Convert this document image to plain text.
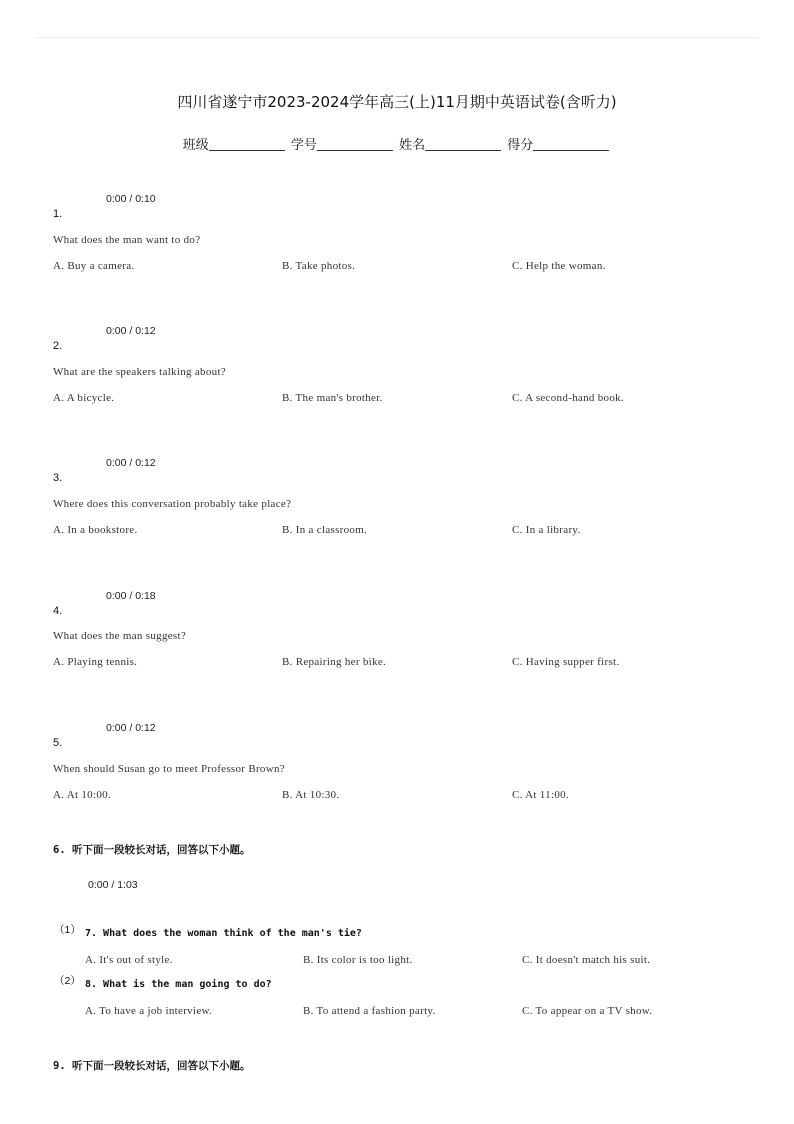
四川省遂宁市2023-2024学年高三(上)11月期中英语试卷(含听力)
班级	学号	姓名	得分
0:00 / 0:10
1.
What does the man want to do?
A. Buy a camera.	B. Take photos.	C. Help the woman.
0:00 / 0:12
2.
What are the speakers talking about?
A. A bicycle.	B. The man's brother.	C. A second-hand book.
0:00 / 0:12
3.
Where does this conversation probably take place?
A. In a bookstore.	B. In a classroom.	C. In a library.
0:00 / 0:18
4.
What does the man suggest?
A. Playing tennis.	B. Repairing her bike.	C. Having supper first.
0:00 / 0:12
5.
When should Susan go to meet Professor Brown?
A. At 10:00.	B. At 10:30.	C. At 11:00.
6. 听下面一段较长对话，回答以下小题。
0:00 / 1:03
（1） 7. What does the woman think of the man's tie?
A. It's out of style.	B. Its color is too light.	C. It doesn't match his suit.
（2） 8. What is the man going to do?
A. To have a job interview.	B. To attend a fashion party.	C. To appear on a TV show.
9. 听下面一段较长对话，回答以下小题。
